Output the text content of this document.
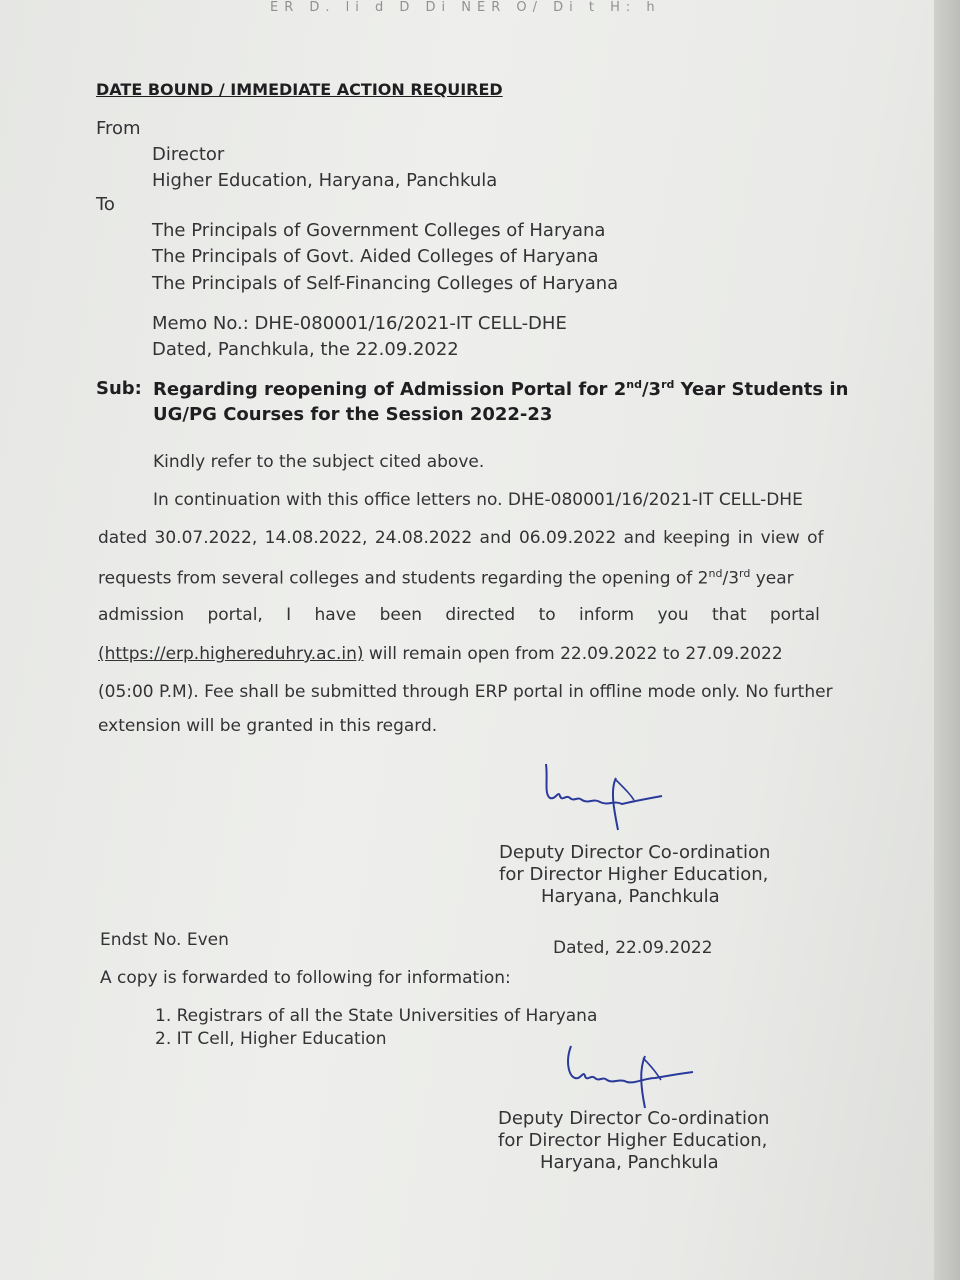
ER D. li d D Di NER O/ Di t H: h
DATE BOUND / IMMEDIATE ACTION REQUIRED
From
Director
Higher Education, Haryana, Panchkula
To
The Principals of Government Colleges of Haryana
The Principals of Govt. Aided Colleges of Haryana
The Principals of Self-Financing Colleges of Haryana
Memo No.: DHE-080001/16/2021-IT CELL-DHE
Dated, Panchkula, the 22.09.2022
Sub: Regarding reopening of Admission Portal for 2nd/3rd Year Students in
UG/PG Courses for the Session 2022-23
Kindly refer to the subject cited above.
In continuation with this office letters no. DHE-080001/16/2021-IT CELL-DHE
dated 30.07.2022, 14.08.2022, 24.08.2022 and 06.09.2022 and keeping in view of
requests from several colleges and students regarding the opening of 2nd/3rd year
admission portal, I have been directed to inform you that portal
(https://erp.highereduhry.ac.in) will remain open from 22.09.2022 to 27.09.2022
(05:00 P.M). Fee shall be submitted through ERP portal in offline mode only. No further
extension will be granted in this regard.
Deputy Director Co-ordination
for Director Higher Education,
Haryana, Panchkula
Endst No. Even	Dated, 22.09.2022
A copy is forwarded to following for information:
1. Registrars of all the State Universities of Haryana
2. IT Cell, Higher Education
Deputy Director Co-ordination
for Director Higher Education,
Haryana, Panchkula
